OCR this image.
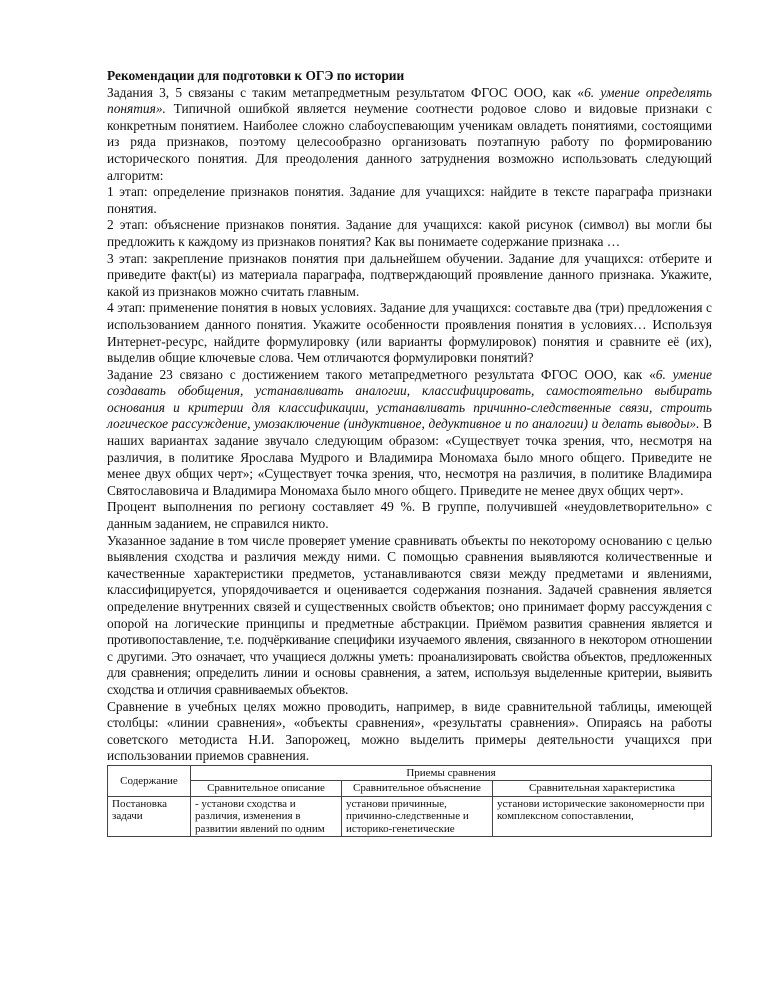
Рекомендации для подготовки к ОГЭ по истории

Задания 3, 5 связаны с таким метапредметным результатом ФГОС ООО, как «6. умение определять понятия». Типичной ошибкой является неумение соотнести родовое слово и видовые признаки с конкретным понятием. Наиболее сложно слабоуспевающим ученикам овладеть понятиями, состоящими из ряда признаков, поэтому целесообразно организовать поэтапную работу по формированию исторического понятия. Для преодоления данного затруднения возможно использовать следующий алгоритм:

1 этап: определение признаков понятия. Задание для учащихся: найдите в тексте параграфа признаки понятия.

2 этап: объяснение признаков понятия. Задание для учащихся: какой рисунок (символ) вы могли бы предложить к каждому из признаков понятия? Как вы понимаете содержание признака …

3 этап: закрепление признаков понятия при дальнейшем обучении. Задание для учащихся: отберите и приведите факт(ы) из материала параграфа, подтверждающий проявление данного признака. Укажите, какой из признаков можно считать главным.

4 этап: применение понятия в новых условиях. Задание для учащихся: составьте два (три) предложения с использованием данного понятия. Укажите особенности проявления понятия в условиях… Используя Интернет-ресурс, найдите формулировку (или варианты формулировок) понятия и сравните её (их), выделив общие ключевые слова. Чем отличаются формулировки понятий?

Задание 23 связано с достижением такого метапредметного результата ФГОС ООО, как «6. умение создавать обобщения, устанавливать аналогии, классифицировать, самостоятельно выбирать основания и критерии для классификации, устанавливать причинно-следственные связи, строить логическое рассуждение, умозаключение (индуктивное, дедуктивное и по аналогии) и делать выводы». В наших вариантах задание звучало следующим образом: «Существует точка зрения, что, несмотря на различия, в политике Ярослава Мудрого и Владимира Мономаха было много общего. Приведите не менее двух общих черт»; «Существует точка зрения, что, несмотря на различия, в политике Владимира Святославовича и Владимира Мономаха было много общего. Приведите не менее двух общих черт».

Процент выполнения по региону составляет 49 %. В группе, получившей «неудовлетворительно» с данным заданием, не справился никто.

Указанное задание в том числе проверяет умение сравнивать объекты по некоторому основанию с целью выявления сходства и различия между ними. С помощью сравнения выявляются количественные и качественные характеристики предметов, устанавливаются связи между предметами и явлениями, классифицируется, упорядочивается и оценивается содержания познания. Задачей сравнения является определение внутренних связей и существенных свойств объектов; оно принимает форму рассуждения с опорой на логические принципы и предметные абстракции. Приёмом развития сравнения является и противопоставление, т.е. подчёркивание специфики изучаемого явления, связанного в некотором отношении с другими. Это означает, что учащиеся должны уметь: проанализировать свойства объектов, предложенных для сравнения; определить линии и основы сравнения, а затем, используя выделенные критерии, выявить сходства и отличия сравниваемых объектов.

Сравнение в учебных целях можно проводить, например, в виде сравнительной таблицы, имеющей столбцы: «линии сравнения», «объекты сравнения», «результаты сравнения». Опираясь на работы советского методиста Н.И. Запорожец, можно выделить примеры деятельности учащихся при использовании приемов сравнения.

Содержание	Приемы сравнения		
	Сравнительное описание	Сравнительное объяснение	Сравнительная характеристика
Постановка задачи	- установи сходства и различия, изменения в развитии явлений по одним	установи причинные, причинно-следственные и историко-генетические	установи исторические закономерности при комплексном сопоставлении,
